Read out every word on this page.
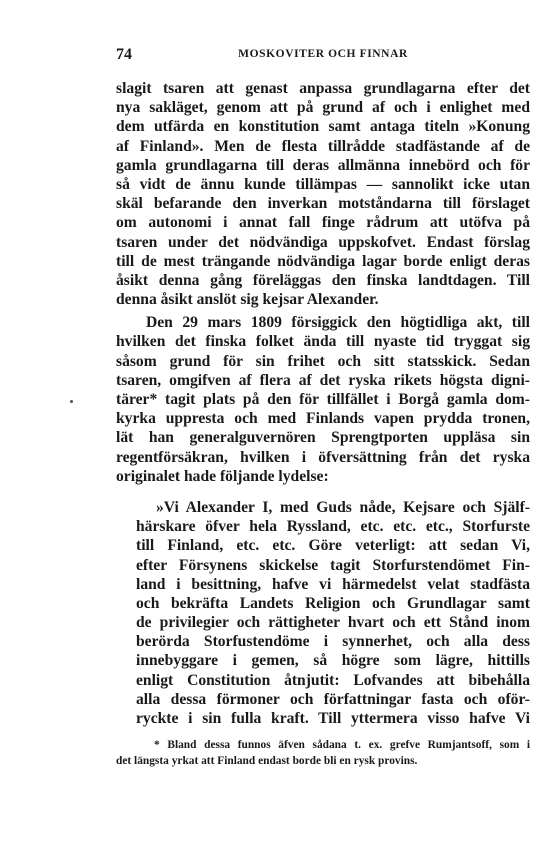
74	MOSKOVITER OCH FINNAR
slagit tsaren att genast anpassa grundlagarna efter det
nya sakläget, genom att på grund af och i enlighet med
dem utfärda en konstitution samt antaga titeln »Konung
af Finland». Men de flesta tillrådde stadfästande af de
gamla grundlagarna till deras allmänna innebörd och för
så vidt de ännu kunde tillämpas — sannolikt icke utan
skäl befarande den inverkan motståndarna till förslaget
om autonomi i annat fall finge rådrum att utöfva på
tsaren under det nödvändiga uppskofvet. Endast förslag
till de mest trängande nödvändiga lagar borde enligt deras
åsikt denna gång föreläggas den finska landtdagen. Till
denna åsikt anslöt sig kejsar Alexander.
Den 29 mars 1809 försiggick den högtidliga akt, till
hvilken det finska folket ända till nyaste tid tryggat sig
såsom grund för sin frihet och sitt statsskick. Sedan
tsaren, omgifven af flera af det ryska rikets högsta digni-
tärer* tagit plats på den för tillfället i Borgå gamla dom-
kyrka uppresta och med Finlands vapen prydda tronen,
lät han generalguvernören Sprengtporten uppläsa sin
regentförsäkran, hvilken i öfversättning från det ryska
originalet hade följande lydelse:
»Vi Alexander I, med Guds nåde, Kejsare och Själf-
härskare öfver hela Ryssland, etc. etc. etc., Storfurste
till Finland, etc. etc. Göre veterligt: att sedan Vi,
efter Försynens skickelse tagit Storfurstendömet Fin-
land i besittning, hafve vi härmedelst velat stadfästa
och bekräfta Landets Religion och Grundlagar samt
de privilegier och rättigheter hvart och ett Stånd inom
berörda Storfustendöme i synnerhet, och alla dess
innebyggare i gemen, så högre som lägre, hittills
enligt Constitution åtnjutit: Lofvandes att bibehålla
alla dessa förmoner och författningar fasta och oför-
ryckte i sin fulla kraft. Till yttermera visso hafve Vi
* Bland dessa funnos äfven sådana t. ex. grefve Rumjantsoff, som i
det längsta yrkat att Finland endast borde bli en rysk provins.
